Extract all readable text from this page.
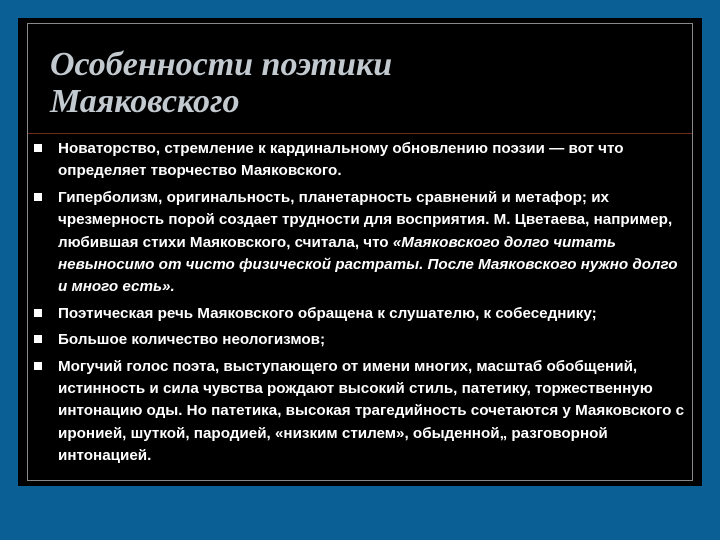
Особенности поэтики
Маяковского
Новаторство, стремление к кардинальному обновлению поэзии — вот что определяет творчество Маяковского.
Гиперболизм, оригинальность, планетарность сравнений и метафор; их чрезмерность порой создает трудности для восприятия. М. Цветаева, например, любившая стихи Маяковского, считала, что «Маяковского долго читать невыносимо от чисто физической растраты. После Маяковского нужно долго и много есть».
Поэтическая речь Маяковского обращена к слушателю, к собеседнику;
Большое количество неологизмов;
Могучий голос поэта, выступающего от имени многих, масштаб обобщений, истинность и сила чувства рождают высокий стиль, патетику, торжественную интонацию оды. Но патетика, высокая трагедийность сочетаются у Маяковского с иронией, шуткой, пародией, «низким стилем», обыденной„ разговорной интонацией.
